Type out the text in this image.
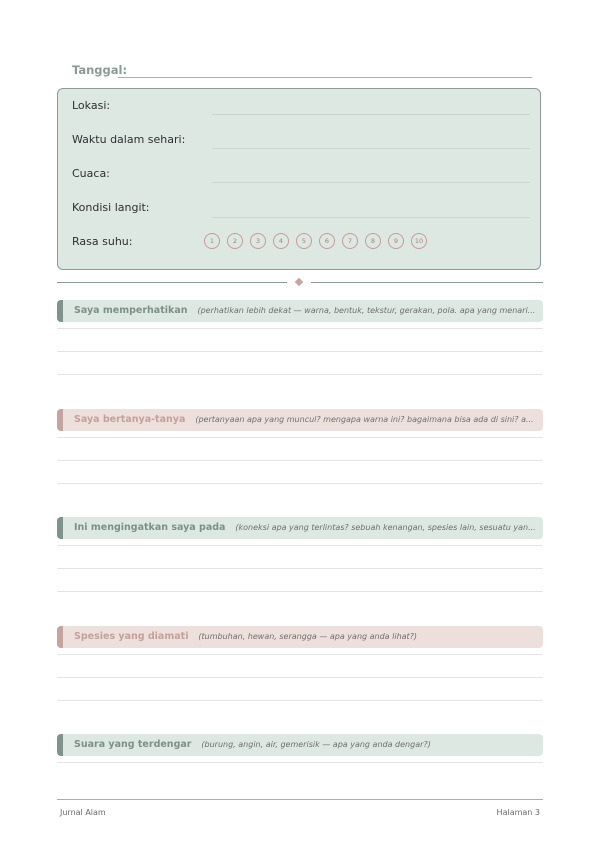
Tanggal:
Lokasi:
Waktu dalam sehari:
Cuaca:
Kondisi langit:
Rasa suhu:	1	2	3	4	5	6	7	8	9	10
Saya memperhatikan (perhatikan lebih dekat — warna, bentuk, tekstur, gerakan, pola. apa yang menari...
Saya bertanya-tanya (pertanyaan apa yang muncul? mengapa warna ini? bagaimana bisa ada di sini? a...
Ini mengingatkan saya pada (koneksi apa yang terlintas? sebuah kenangan, spesies lain, sesuatu yan...
Spesies yang diamati (tumbuhan, hewan, serangga — apa yang anda lihat?)
Suara yang terdengar (burung, angin, air, gemerisik — apa yang anda dengar?)
Jurnal Alam	Halaman 3
